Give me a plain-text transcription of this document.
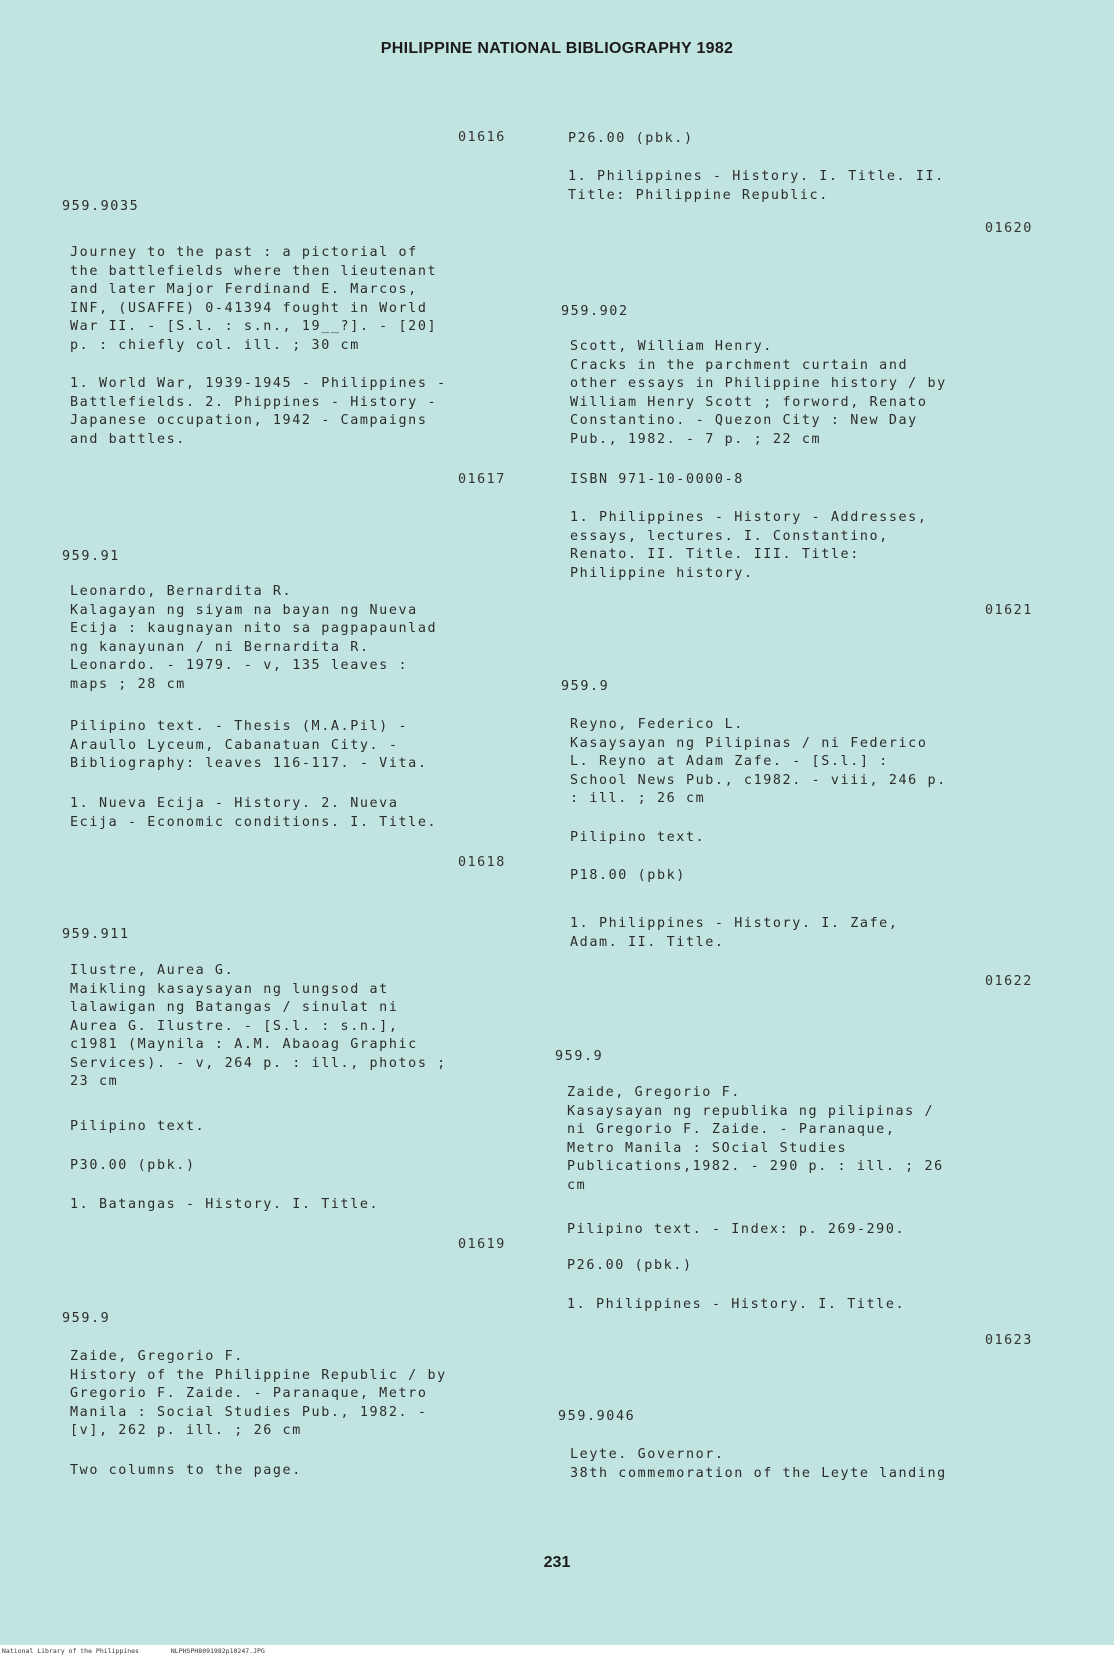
PHILIPPINE NATIONAL BIBLIOGRAPHY 1982
01616
959.9035
Journey to the past : a pictorial of
the battlefields where then lieutenant
and later Major Ferdinand E. Marcos,
INF, (USAFFE) 0-41394 fought in World
War II. - [S.l. : s.n., 19__?]. - [20]
p. : chiefly col. ill. ; 30 cm
1. World War, 1939-1945 - Philippines -
Battlefields. 2. Phippines - History -
Japanese occupation, 1942 - Campaigns
and battles.
01617
959.91
Leonardo, Bernardita R.
Kalagayan ng siyam na bayan ng Nueva
Ecija : kaugnayan nito sa pagpapaunlad
ng kanayunan / ni Bernardita R.
Leonardo. - 1979. - v, 135 leaves :
maps ; 28 cm
Pilipino text. - Thesis (M.A.Pil) -
Araullo Lyceum, Cabanatuan City. -
Bibliography: leaves 116-117. - Vita.
1. Nueva Ecija - History. 2. Nueva
Ecija - Economic conditions. I. Title.
01618
959.911
Ilustre, Aurea G.
Maikling kasaysayan ng lungsod at
lalawigan ng Batangas / sinulat ni
Aurea G. Ilustre. - [S.l. : s.n.],
c1981 (Maynila : A.M. Abaoag Graphic
Services). - v, 264 p. : ill., photos ;
23 cm
Pilipino text.
P30.00 (pbk.)
1. Batangas - History. I. Title.
01619
959.9
Zaide, Gregorio F.
History of the Philippine Republic / by
Gregorio F. Zaide. - Paranaque, Metro
Manila : Social Studies Pub., 1982. -
[v], 262 p. ill. ; 26 cm
Two columns to the page.
P26.00 (pbk.)
1. Philippines - History. I. Title. II.
Title: Philippine Republic.
01620
959.902
Scott, William Henry.
Cracks in the parchment curtain and
other essays in Philippine history / by
William Henry Scott ; forword, Renato
Constantino. - Quezon City : New Day
Pub., 1982. - 7 p. ; 22 cm
ISBN 971-10-0000-8
1. Philippines - History - Addresses,
essays, lectures. I. Constantino,
Renato. II. Title. III. Title:
Philippine history.
01621
959.9
Reyno, Federico L.
Kasaysayan ng Pilipinas / ni Federico
L. Reyno at Adam Zafe. - [S.l.] :
School News Pub., c1982. - viii, 246 p.
: ill. ; 26 cm
Pilipino text.
P18.00 (pbk)
1. Philippines - History. I. Zafe,
Adam. II. Title.
01622
959.9
Zaide, Gregorio F.
Kasaysayan ng republika ng pilipinas /
ni Gregorio F. Zaide. - Paranaque,
Metro Manila : SOcial Studies
Publications,1982. - 290 p. : ill. ; 26
cm
Pilipino text. - Index: p. 269-290.
P26.00 (pbk.)
1. Philippines - History. I. Title.
01623
959.9046
Leyte. Governor.
38th commemoration of the Leyte landing
231
National Library of the Philippines	NLPHSPH8091982p10247.JPG
